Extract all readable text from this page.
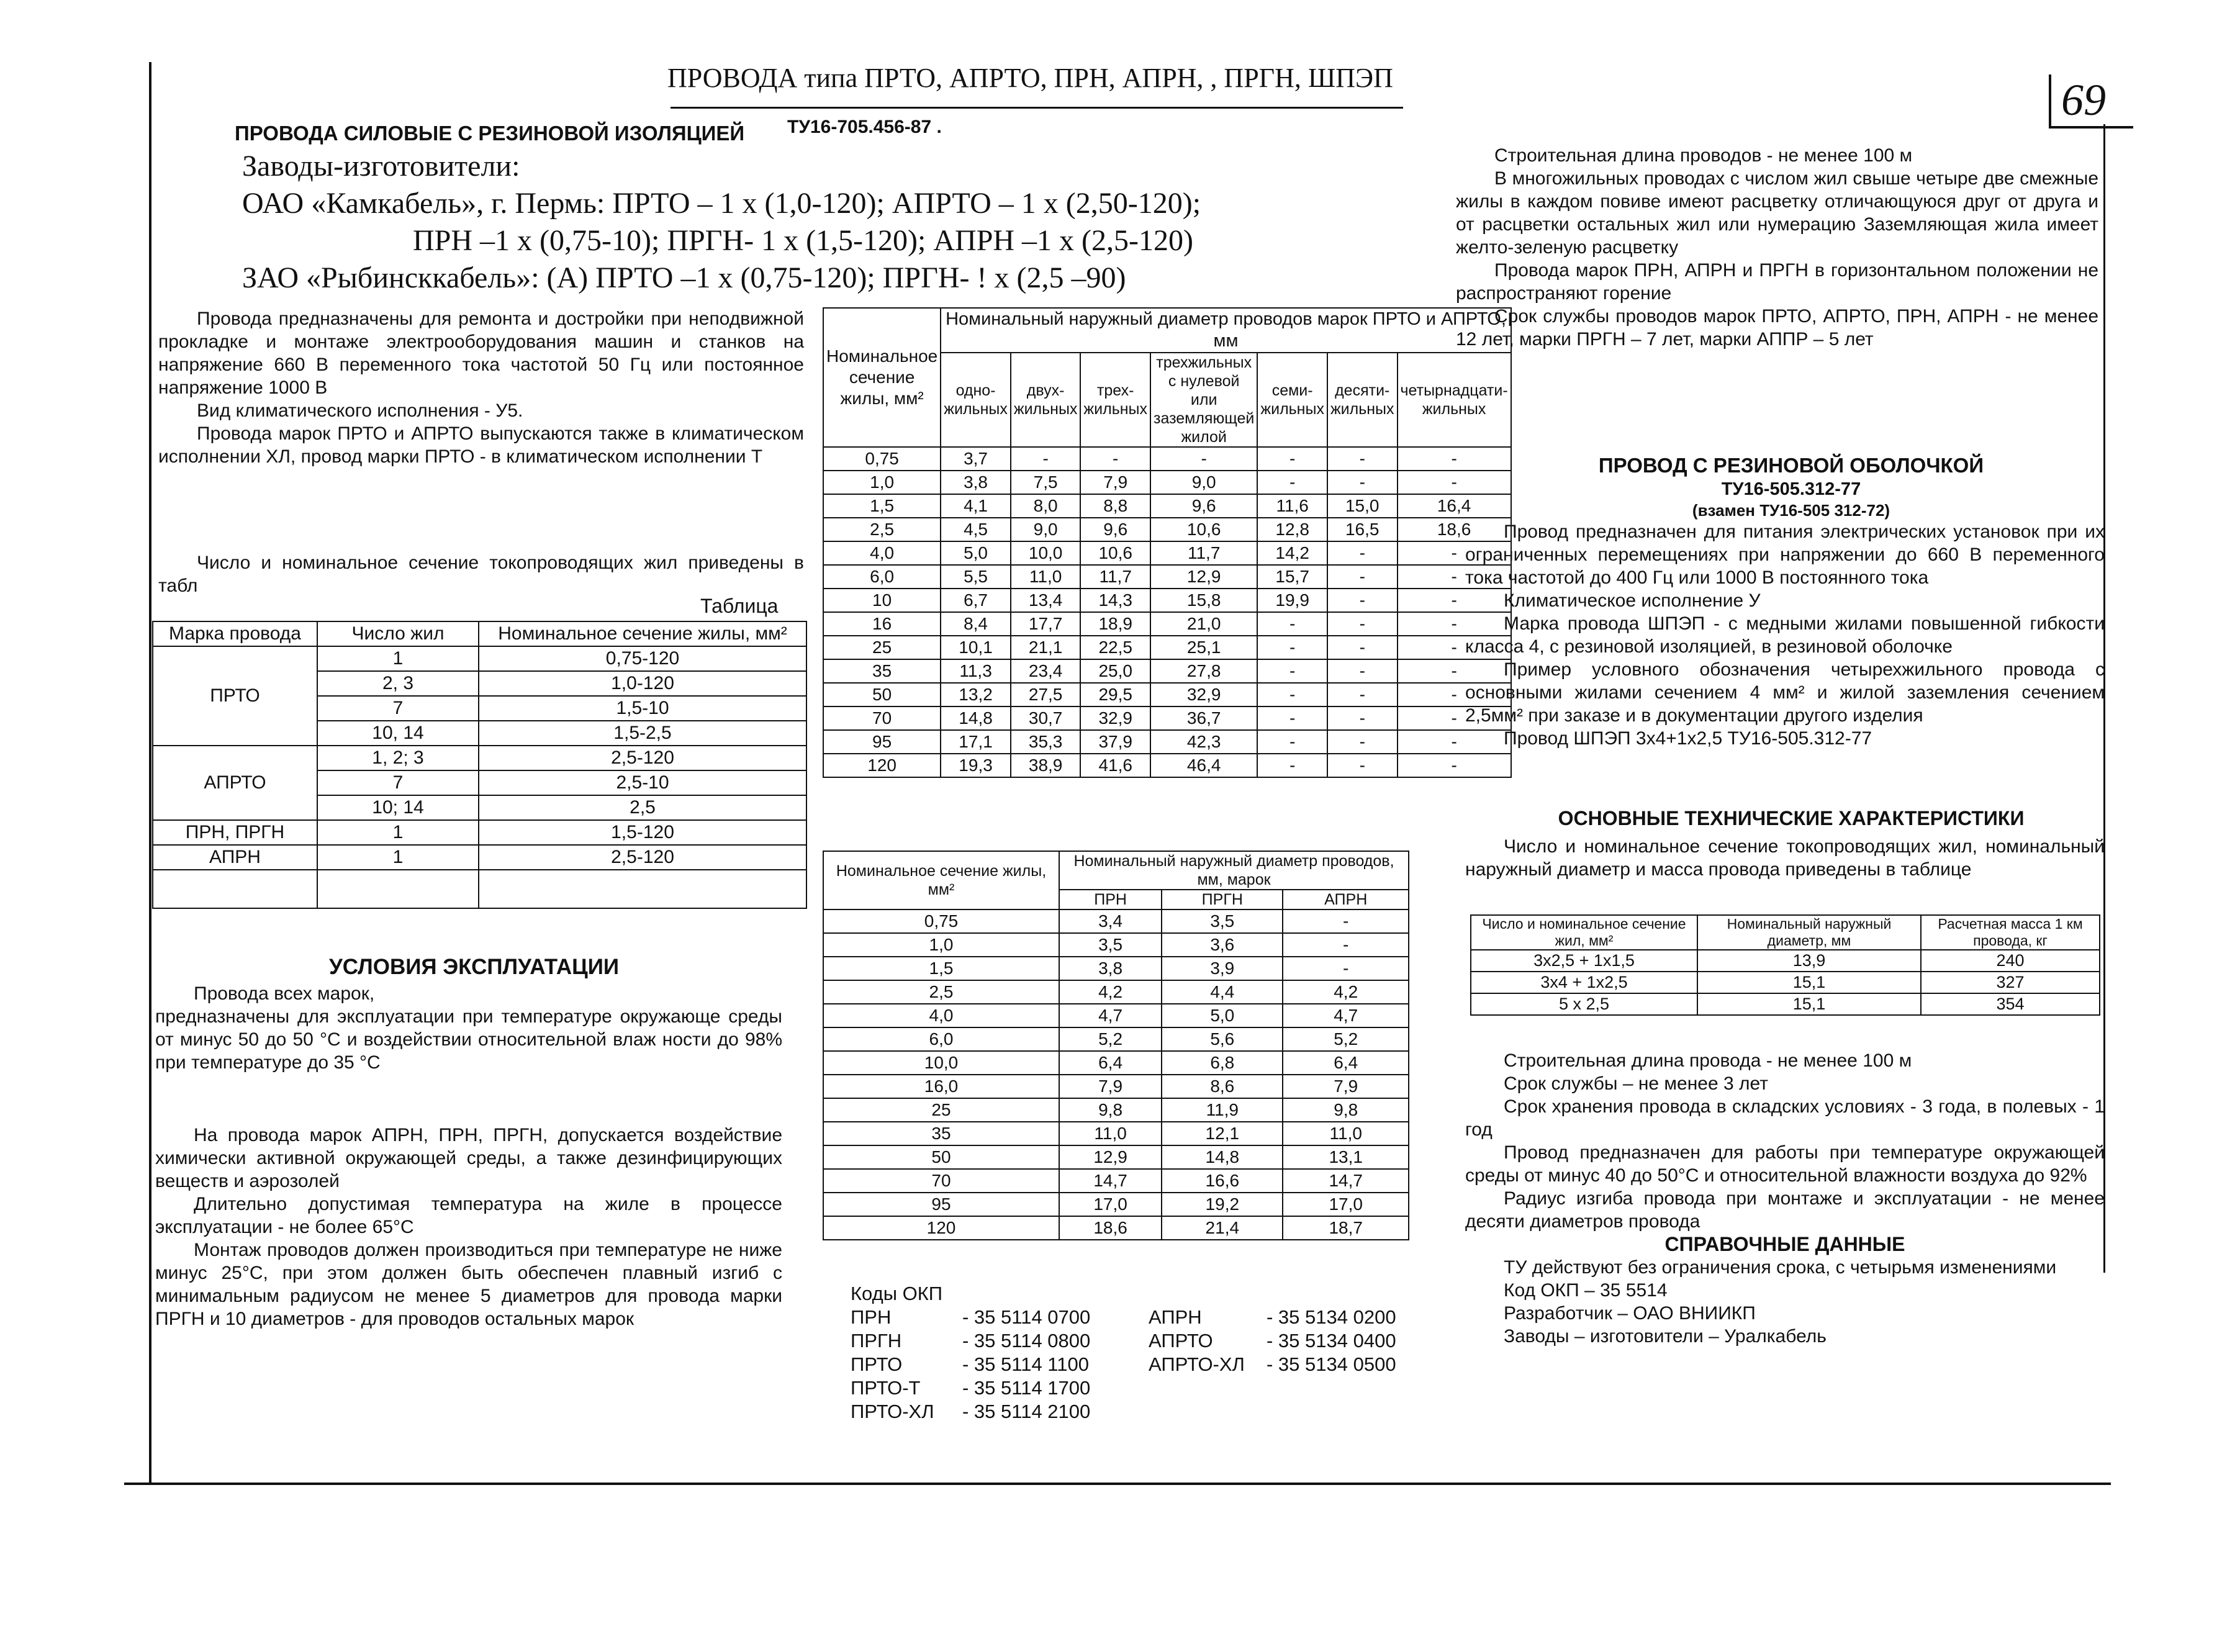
69
ПРОВОДА типа ПРТО, АПРТО, ПРН, АПРН, , ПРГН, ШПЭП
ПРОВОДА СИЛОВЫЕ С РЕЗИНОВОЙ ИЗОЛЯЦИЕЙ ТУ16-705.456-87 .
Заводы-изготовители:
ОАО «Камкабель», г. Пермь: ПРТО – 1 х (1,0-120); АПРТО – 1 х (2,50-120);
ПРН –1 х (0,75-10); ПРГН- 1 х (1,5-120); АПРН –1 х (2,5-120)
ЗАО «Рыбинсккабель»: (А) ПРТО –1 х (0,75-120); ПРГН- ! х (2,5 –90)

Провода предназначены для ремонта и достройки при неподвижной прокладке и монтаже электрооборудования машин и станков на напряжение 660 В переменного тока частотой 50 Гц или постоянное напряжение 1000 В

Вид климатического исполнения - У5.

Провода марок ПРТО и АПРТО выпускаются также в климатическом исполнении ХЛ, провод марки ПРТО - в климатическом исполнении Т

Число и номинальное сечение токопроводящих жил приведены в табл

Таблица
Марка провода	Число жил	Номинальное сечение жилы, мм²
ПРТО	1	0,75-120
	2, 3	1,0-120
	7	1,5-10
	10, 14	1,5-2,5
АПРТО	1, 2; 3	2,5-120
	7	2,5-10
	10; 14	2,5
ПРН, ПРГН	1	1,5-120
АПРН	1	2,5-120

УСЛОВИЯ ЭКСПЛУАТАЦИИ

Провода всех марок,

предназначены для эксплуатации при температуре окружающе среды от минус 50 до 50 °С и воздействии относительной влаж ности до 98% при температуре до 35 °С

На провода марок АПРН, ПРН, ПРГН, допускается воздействие химически активной окружающей среды, а также дезинфицирующих веществ и аэрозолей

Длительно допустимая температура на жиле в процессе эксплуатации - не более 65°С

Монтаж проводов должен производиться при температуре не ниже минус 25°С, при этом должен быть обеспечен плавный изгиб с минимальным радиусом не менее 5 диаметров для провода марки ПРГН и 10 диаметров - для проводов остальных марок

Номинальное сечение жилы, мм²	Номинальный наружный диаметр проводов марок ПРТО и АПРТО, мм						
	одно-жильных	двух-жильных	трех-жильных	трехжильных с нулевой или заземляющей жилой	семи-жильных	десяти-жильных	четырнадцати-жильных
0,75	3,7	-	-	-	-	-	-
1,0	3,8	7,5	7,9	9,0	-	-	-
1,5	4,1	8,0	8,8	9,6	11,6	15,0	16,4
2,5	4,5	9,0	9,6	10,6	12,8	16,5	18,6
4,0	5,0	10,0	10,6	11,7	14,2	-	-
6,0	5,5	11,0	11,7	12,9	15,7	-	-
10	6,7	13,4	14,3	15,8	19,9	-	-
16	8,4	17,7	18,9	21,0	-	-	-
25	10,1	21,1	22,5	25,1	-	-	-
35	11,3	23,4	25,0	27,8	-	-	-
50	13,2	27,5	29,5	32,9	-	-	-
70	14,8	30,7	32,9	36,7	-	-	-
95	17,1	35,3	37,9	42,3	-	-	-
120	19,3	38,9	41,6	46,4	-	-	-
Номинальное сечение жилы, мм²	Номинальный наружный диаметр проводов, мм, марок		
	ПРН	ПРГН	АПРН
0,75	3,4	3,5	-
1,0	3,5	3,6	-
1,5	3,8	3,9	-
2,5	4,2	4,4	4,2
4,0	4,7	5,0	4,7
6,0	5,2	5,6	5,2
10,0	6,4	6,8	6,4
16,0	7,9	8,6	7,9
25	9,8	11,9	9,8
35	11,0	12,1	11,0
50	12,9	14,8	13,1
70	14,7	16,6	14,7
95	17,0	19,2	17,0
120	18,6	21,4	18,7
Коды ОКП
ПРН	- 35 5114 0700	АПРН	- 35 5134 0200
ПРГН	- 35 5114 0800	АПРТО	- 35 5134 0400
ПРТО	- 35 5114 1100	АПРТО-ХЛ	- 35 5134 0500
ПРТО-Т	- 35 5114 1700
ПРТО-ХЛ	- 35 5114 2100

Строительная длина проводов - не менее 100 м

В многожильных проводах с числом жил свыше четыре две смежные жилы в каждом повиве имеют расцветку отличающуюся друг от друга и от расцветки остальных жил или нумерацию Заземляющая жила имеет желто-зеленую расцветку

Провода марок ПРН, АПРН и ПРГН в горизонтальном положении не распространяют горение

Срок службы проводов марок ПРТО, АПРТО, ПРН, АПРН - не менее 12 лет, марки ПРГН – 7 лет, марки АППР – 5 лет

ПРОВОД С РЕЗИНОВОЙ ОБОЛОЧКОЙ
ТУ16-505.312-77
(взамен ТУ16-505 312-72)

Провод предназначен для питания электрических установок при их ограниченных перемещениях при напряжении до 660 В переменного тока частотой до 400 Гц или 1000 В постоянного тока

Климатическое исполнение У

Марка провода ШПЭП - с медными жилами повышенной гибкости класса 4, с резиновой изоляцией, в резиновой оболочке

Пример условного обозначения четырехжильного провода с основными жилами сечением 4 мм² и жилой заземления сечением 2,5мм² при заказе и в документации другого изделия

Провод ШПЭП 3х4+1х2,5 ТУ16-505.312-77

ОСНОВНЫЕ ТЕХНИЧЕСКИЕ ХАРАКТЕРИСТИКИ

Число и номинальное сечение токопроводящих жил, номинальный наружный диаметр и масса провода приведены в таблице

Число и номинальное сечение жил, мм²	Номинальный наружный диаметр, мм	Расчетная масса 1 км провода, кг
3х2,5 + 1х1,5	13,9	240
3х4 + 1х2,5	15,1	327
5 х 2,5	15,1	354

Строительная длина провода - не менее 100 м

Срок службы – не менее 3 лет

Срок хранения провода в складских условиях - 3 года, в полевых - 1 год

Провод предназначен для работы при температуре окружающей среды от минус 40 до 50°С и относительной влажности воздуха до 92%

Радиус изгиба провода при монтаже и эксплуатации - не менее десяти диаметров провода

СПРАВОЧНЫЕ ДАННЫЕ

ТУ действуют без ограничения срока, с четырьмя изменениями

Код ОКП – 35 5514

Разработчик – ОАО ВНИИКП

Заводы – изготовители – Уралкабель
